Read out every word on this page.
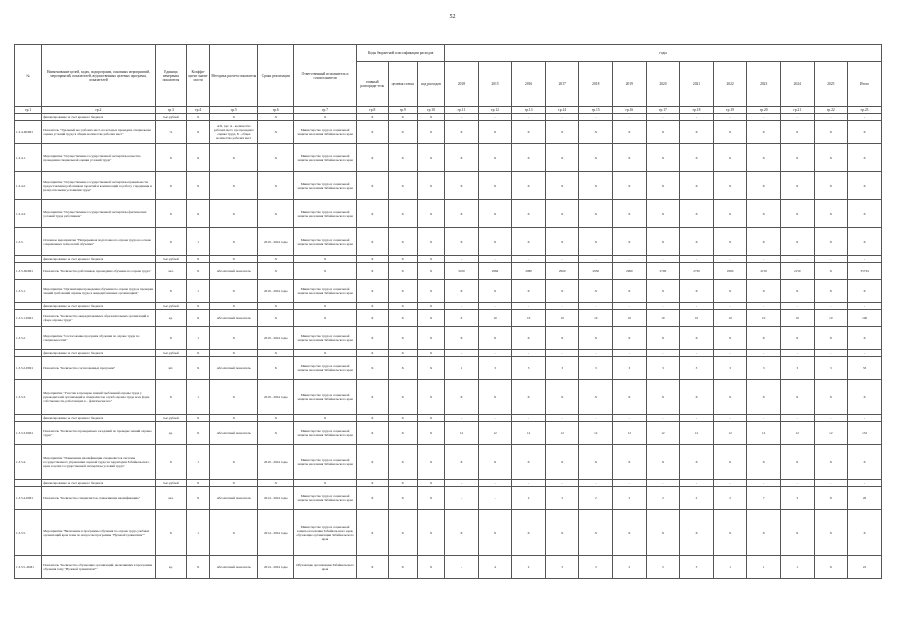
52
№	Наименование целей, задач, подпрограмм, основных мероприятий, мероприятий, показателей, ведомственных целевых программ, показателей	Единица измерения показателя	Коэффи-циент значи-мости	Методика расчета показателя	Сроки реализации	Ответственный исполнитель и соисполнители	Коды бюджетной классификации расходов			годы												
							главный распоряди-тель	целевая статья	код расходов	2018	2015	2016	2017	2018	2019	2020	2021	2022	2023	2024	2025	Итого
гр.1	гр.2	гр.3	гр.4	гр.5	гр.6	гр.7	гр.8	гр.9	гр.10	гр.11	гр.12	гр.13	гр.14	гр.15	гр.16	гр.17	гр.18	гр.19	гр.20	гр.21	гр.22	гр.23
	финансирование за счет краевого бюджета	тыс.рублей	X	X	X	X	X	X	X	-	-	-	-	-	-	-	-	-	-	-	-	-
1.3.4-ПОМ1	Показатель "Удельный вес рабочих мест, на которых проведена специальная оценка условий труда в общем количестве рабочих мест"	%	X	А/Б, где: А - количество рабочих мест, где проведена оценка труда, Б - общее количество рабочих мест	X	Министерство труда и социальной защиты населения Забайкальского края	X	X	X	X	X	X	X	X	X	X	X	X	X	X	X	X
1.3.4.1.	Мероприятие "Осуществление государственной экспертизы качества проведения специальной оценки условий труда"	X	X	X	X	Министерство труда и социальной защиты населения Забайкальского края	X	X	X	X	X	X	X	X	X	X	X	X	X	X	X	X
1.3.4.2.	Мероприятие "Осуществление государственной экспертизы правильности предоставления работникам гарантий и компенсаций за работу с вредными и (или) опасными условиями труда"	X	X	X	X	Министерство труда и социальной защиты населения Забайкальского края	X	X	X	X	X	X	X	X	X	X	X	X	X	X	X	X
1.3.4.3.	Мероприятие "Осуществление государственной экспертизы фактических условий труда работников"	X	X	X	X	Министерство труда и социальной защиты населения Забайкальского края	X	X	X	X	X	X	X	X	X	X	X	X	X	X	X	X
1.3.5.	Основное мероприятие "Непрерывная подготовка по охране труда на основе современных технологий обучения"	X	1	X	2019 - 2024 годы	Министерство труда и социальной защиты населения Забайкальского края	X	X	X	X	X	X	X	X	X	X	X	X	X	X	X	X
	финансирование за счет краевого бюджета	тыс.рублей	X	X	X	X	X	X	X	-	-	-	-	-	-	-	-	-	-	-	-	-
1.3.5-ПОМ1	Показатель "Количество работников, прошедших обучение по охране труда"	чел.	X	Абсолютный показатель	X	X	X	X	X	3100	2984	2980	2960	2950	2960	2700	2730	1860	2150	2150	X	35734
1.3.5.1.	Мероприятие "Организация проведения обучения по охране труда и проверки знаний требований охраны труда в аккредитованных организациях"	X	1	X	2019 - 2024 годы	Министерство труда и социальной защиты населения Забайкальского края	X	X	X	X	X	X	X	X	X	X	X	X	X	X	X	X
	финансирование за счет краевого бюджета	тыс.рублей	X	X	X	X	X	X	X	-	-	-	-	-	-	-	-	-	-	-	-	-
1.3.5.1-ПМ1	Показатель "Количество аккредитованных образовательных организаций в сфере охраны труда"	ед.	X	Абсолютный показатель	X	X	X	X	X	6	10	10	10	10	10	10	10	10	10	10	10	106
1.3.5.2.	Мероприятие "Согласование программ обучения по охране труда по специальностям"	X	1	X	2019 - 2024 годы	Министерство труда и социальной защиты населения Забайкальского края	X	X	X	X	X	X	X	X	X	X	X	X	X	X	X	X
	финансирование за счет краевого бюджета	тыс.рублей	X	X	X	X	X	X	X	-	-	-	-	-	-	-	-	-	-	-	-	-
1.3.5.2-ПМ1	Показатель "Количество согласованных программ"	шт.	X	Абсолютный показатель	X	Министерство труда и социальной защиты населения Забайкальского края	X	X	X	1	3	3	3	3	3	3	3	3	3	3	3	33
1.3.5.3.	Мероприятие "Участие в проверке знаний требований охраны труда у руководителей организаций и специалистов служб охраны труда всех форм собственности, работающих в – фактически все"	X	1	X	2019 - 2024 годы	Министерство труда и социальной защиты населения Забайкальского края	X	X	X	X	X	X	X	X	X	X	X	X	X	X	X	X
	финансирование за счет краевого бюджета	тыс.рублей	X	X	X	X	X	X	X	-	-	-	-	-	-	-	-	-	-	-	-	-
1.3.5.3-ПМ1	Показатель "Количество проведенных заседаний по проверке знаний охраны труда"	ед.	X	Абсолютный показатель	X	Министерство труда и социальной защиты населения Забайкальского края	X	X	X	12	12	12	12	12	12	12	12	12	12	12	12	132
1.3.5.4.	Мероприятие "Повышение квалификации специалистов системы государственного управления охраной труда на территории Забайкальского края, в целях государственной экспертизы условий труда"	X	1	X	2019 - 2024 годы	Министерство труда и социальной защиты населения Забайкальского края	X	X	X	X	X	X	X	X	X	X	X	X	X	X	X	X
	финансирование за счет краевого бюджета	тыс.рублей	X	X	X	X	X	X	X	-	-	-	-	-	-	-	-	-	-	-	-	-
1.3.5.4-ПМ1	Показатель "Количество специалистов, повысивших квалификацию"	чел.	X	Абсолютный показатель	2014 - 2024 годы	Министерство труда и социальной защиты населения Забайкальского края	X	X	X	-	-	2	2	2	2	2	2	2	7	3	X	26
1.3.5.5.	Мероприятие "Включение в программы обучения по охране труда учебных организаций края темы по вопросам программы "Нулевой травматизм""	X	1	X	2014 - 2024 годы	Министерство труда и социальной защиты населения Забайкальского края, обучающие организации Забайкальского края	X	X	X	X	X	X	X	X	X	X	X	X	X	X	X	X
1.3.5.5.-ПМ1	Показатель "Количество обучающих организаций, включивших в программы обучения тему "Нулевой травматизм""	ед.	X	Абсолютный показатель	2014 - 2024 годы	Обучающие организации Забайкальского края	X	X	X	-	4	2	3	3	2	2	3	1	1	1	X	22
